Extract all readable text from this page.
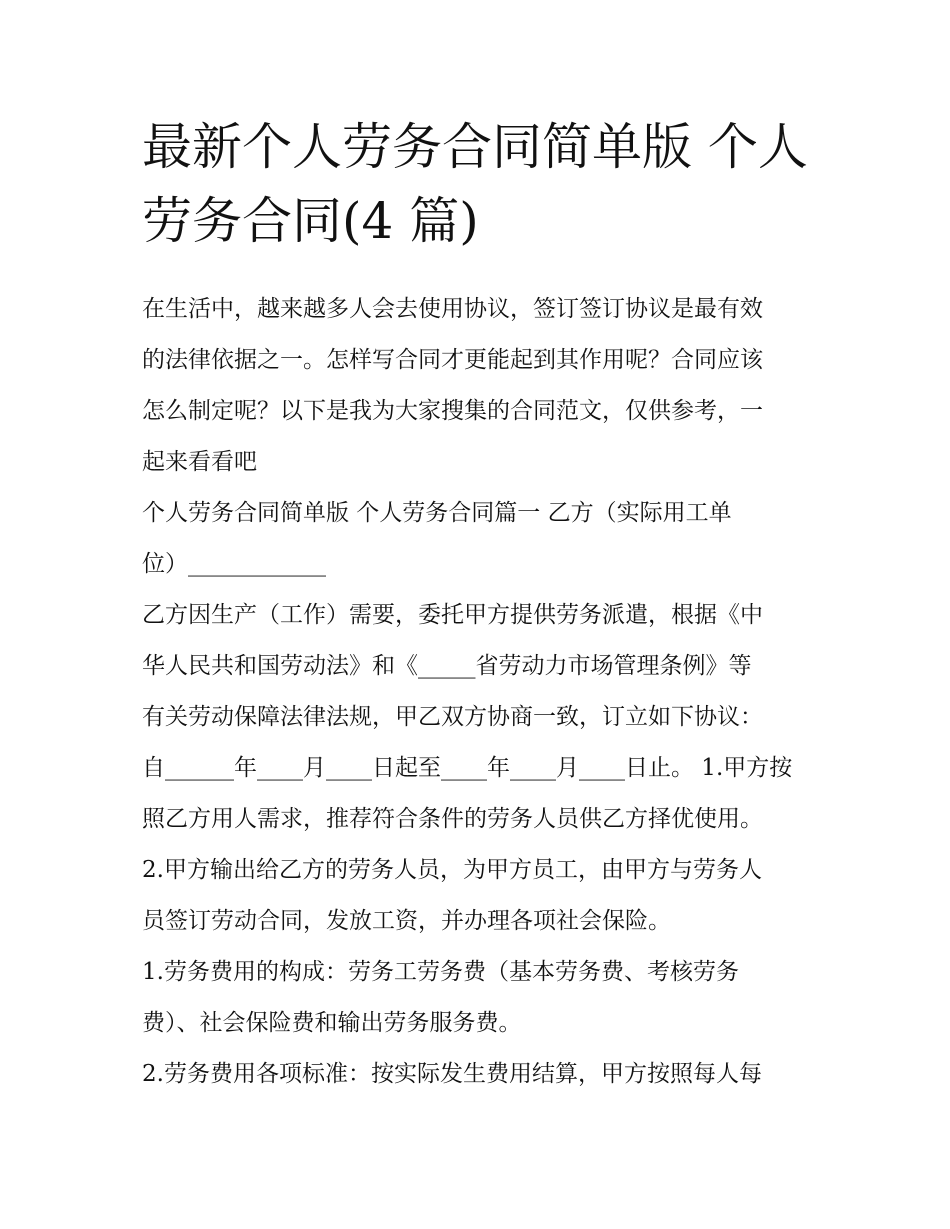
最新个人劳务合同简单版 个人
劳务合同(4 篇)

在生活中，越来越多人会去使用协议，签订签订协议是最有效
的法律依据之一。怎样写合同才更能起到其作用呢？合同应该
怎么制定呢？以下是我为大家搜集的合同范文，仅供参考，一
起来看看吧

个人劳务合同简单版 个人劳务合同篇一 乙方（实际用工单
位）____________

乙方因生产（工作）需要，委托甲方提供劳务派遣，根据《中
华人民共和国劳动法》和《_____省劳动力市场管理条例》等
有关劳动保障法律法规，甲乙双方协商一致，订立如下协议：
自______年____月____日起至____年____月____日止。 1.甲方按
照乙方用人需求，推荐符合条件的劳务人员供乙方择优使用。
2.甲方输出给乙方的劳务人员，为甲方员工，由甲方与劳务人
员签订劳动合同，发放工资，并办理各项社会保险。

1.劳务费用的构成：劳务工劳务费（基本劳务费、考核劳务
费）、社会保险费和输出劳务服务费。

2.劳务费用各项标准：按实际发生费用结算，甲方按照每人每
